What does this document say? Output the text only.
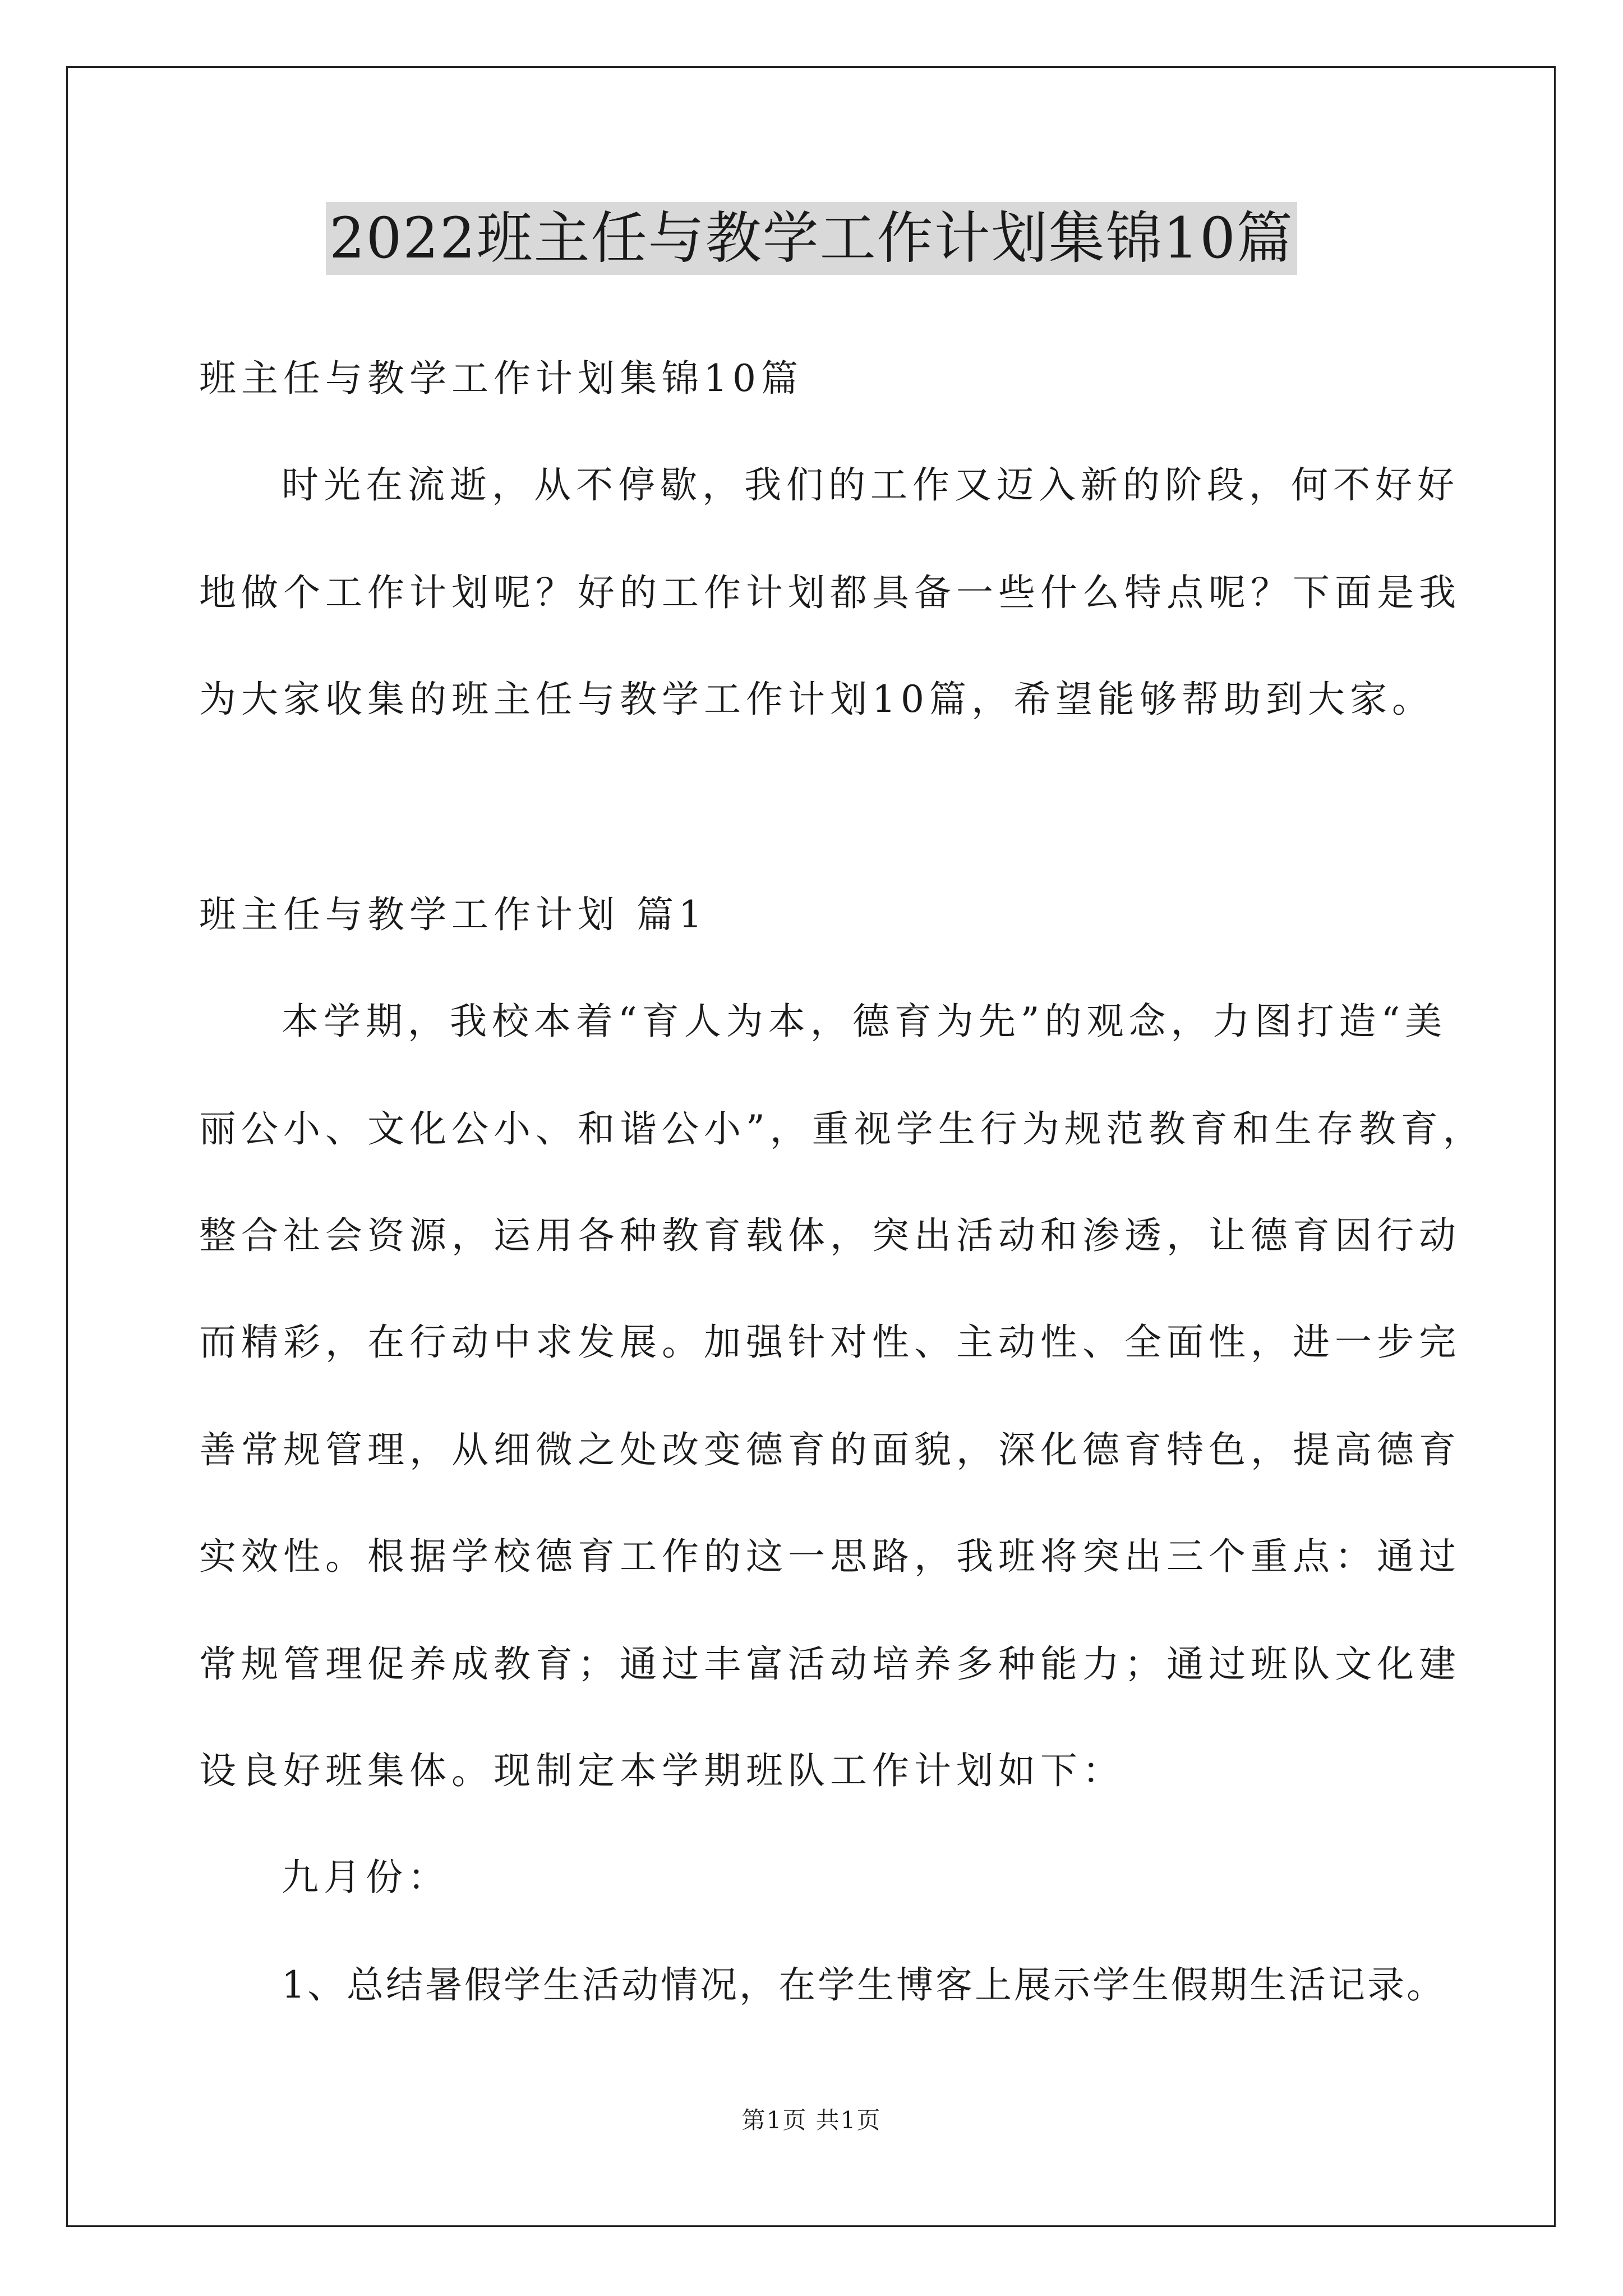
2022班主任与教学工作计划集锦10篇
班主任与教学工作计划集锦10篇
时光在流逝，从不停歇，我们的工作又迈入新的阶段，何不好好
地做个工作计划呢？好的工作计划都具备一些什么特点呢？下面是我
为大家收集的班主任与教学工作计划10篇，希望能够帮助到大家。
班主任与教学工作计划 篇1
本学期，我校本着“育人为本，德育为先”的观念，力图打造“美
丽公小、文化公小、和谐公小”，重视学生行为规范教育和生存教育，
整合社会资源，运用各种教育载体，突出活动和渗透，让德育因行动
而精彩，在行动中求发展。加强针对性、主动性、全面性，进一步完
善常规管理，从细微之处改变德育的面貌，深化德育特色，提高德育
实效性。根据学校德育工作的这一思路，我班将突出三个重点：通过
常规管理促养成教育；通过丰富活动培养多种能力；通过班队文化建
设良好班集体。现制定本学期班队工作计划如下：
九月份：
1、总结暑假学生活动情况，在学生博客上展示学生假期生活记录。
第1页 共1页
